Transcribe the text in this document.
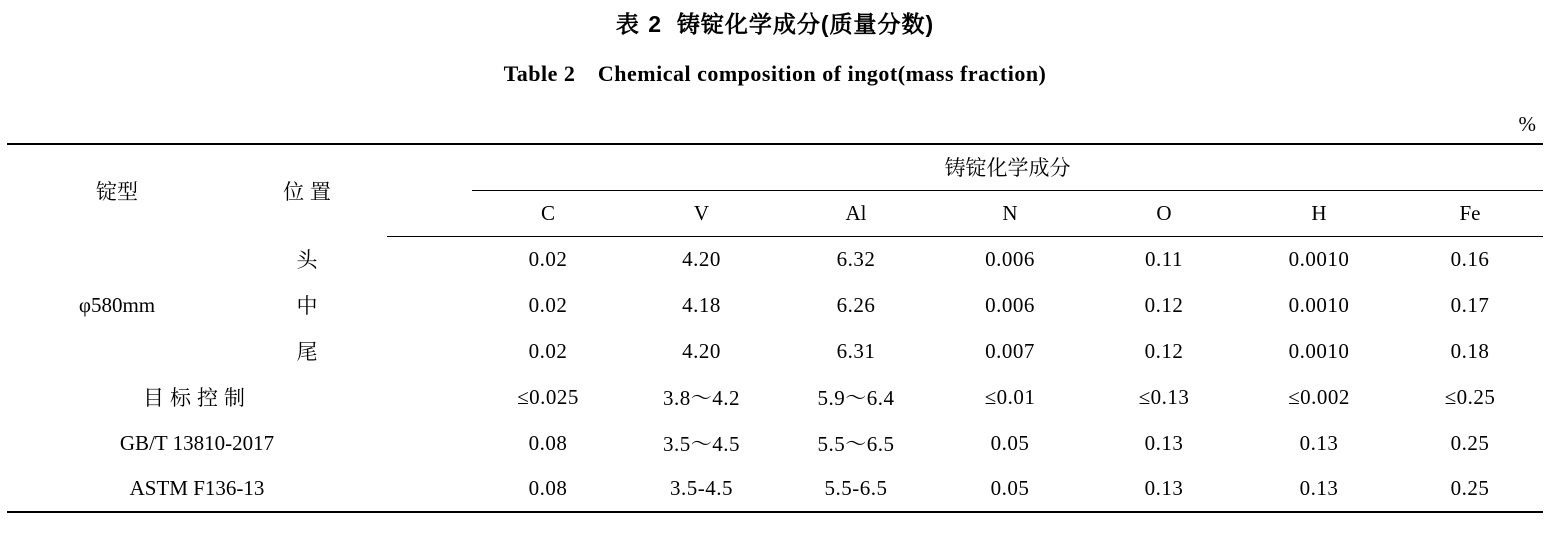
表 2 铸锭化学成分(质量分数)
Table 2　Chemical composition of ingot(mass fraction)
%
锭型	位 置		铸锭化学成分						
			C	V	Al	N	O	H	Fe
φ580mm	头		0.02	4.20	6.32	0.006	0.11	0.0010	0.16
	中		0.02	4.18	6.26	0.006	0.12	0.0010	0.17
	尾		0.02	4.20	6.31	0.007	0.12	0.0010	0.18
目标控制			≤0.025	3.8～4.2	5.9～6.4	≤0.01	≤0.13	≤0.002	≤0.25
GB/T 13810-2017			0.08	3.5～4.5	5.5～6.5	0.05	0.13	0.13	0.25
ASTM F136-13			0.08	3.5-4.5	5.5-6.5	0.05	0.13	0.13	0.25
